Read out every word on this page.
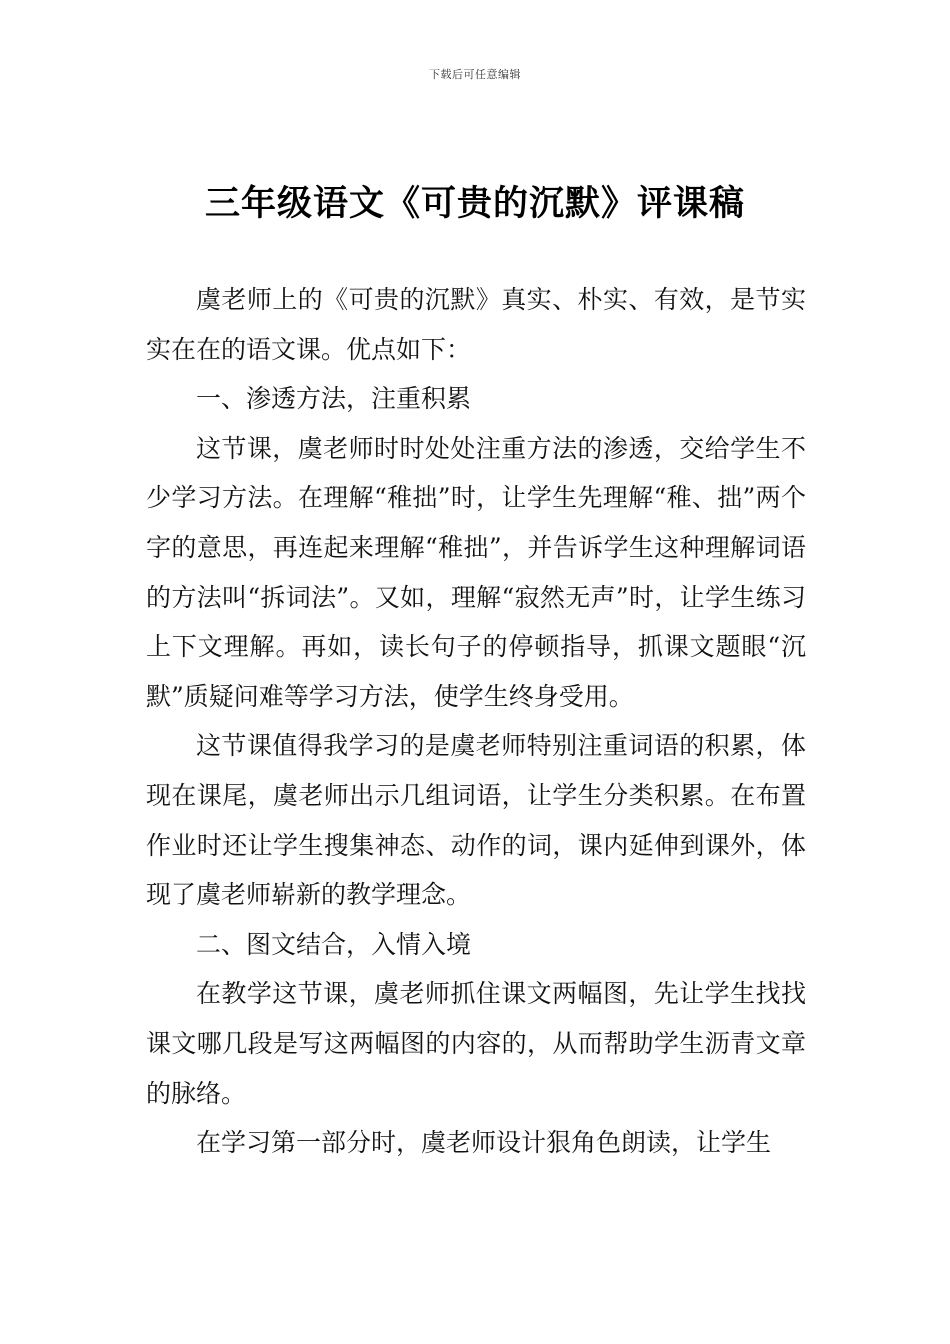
下载后可任意编辑
三年级语文《可贵的沉默》评课稿

虞老师上的《可贵的沉默》真实、朴实、有效，是节实实在在的语文课。优点如下：

一、渗透方法，注重积累

这节课，虞老师时时处处注重方法的渗透，交给学生不少学习方法。在理解“稚拙”时，让学生先理解“稚、拙”两个字的意思，再连起来理解“稚拙”，并告诉学生这种理解词语的方法叫“拆词法”。又如，理解“寂然无声”时，让学生练习上下文理解。再如，读长句子的停顿指导，抓课文题眼“沉默”质疑问难等学习方法，使学生终身受用。

这节课值得我学习的是虞老师特别注重词语的积累，体现在课尾，虞老师出示几组词语，让学生分类积累。在布置作业时还让学生搜集神态、动作的词，课内延伸到课外，体现了虞老师崭新的教学理念。

二、图文结合，入情入境

在教学这节课，虞老师抓住课文两幅图，先让学生找找课文哪几段是写这两幅图的内容的，从而帮助学生沥青文章的脉络。

在学习第一部分时，虞老师设计狠角色朗读，让学生
